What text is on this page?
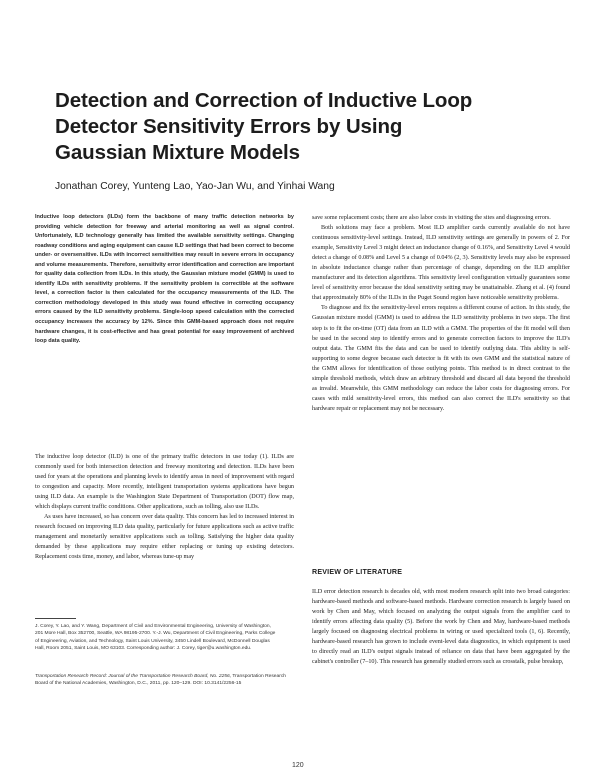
Detection and Correction of Inductive Loop Detector Sensitivity Errors by Using Gaussian Mixture Models

Jonathan Corey, Yunteng Lao, Yao-Jan Wu, and Yinhai Wang

Inductive loop detectors (ILDs) form the backbone of many traffic detection networks by providing vehicle detection for freeway and arterial monitoring as well as signal control. Unfortunately, ILD technology generally has limited the available sensitivity settings. Changing roadway conditions and aging equipment can cause ILD settings that had been correct to become under- or oversensitive. ILDs with incorrect sensitivities may result in severe errors in occupancy and volume measurements. Therefore, sensitivity error identification and correction are important for quality data collection from ILDs. In this study, the Gaussian mixture model (GMM) is used to identify ILDs with sensitivity problems. If the sensitivity problem is correctible at the software level, a correction factor is then calculated for the occupancy measurements of the ILD. The correction methodology developed in this study was found effective in correcting occupancy errors caused by the ILD sensitivity problems. Single-loop speed calculation with the corrected occupancy increases the accuracy by 12%. Since this GMM-based approach does not require hardware changes, it is cost-effective and has great potential for easy improvement of archived loop data quality.

The inductive loop detector (ILD) is one of the primary traffic detectors in use today (1). ILDs are commonly used for both intersection detection and freeway monitoring and detection. ILDs have been used for years at the operations and planning levels to identify areas in need of improvement with regard to congestion and capacity. More recently, intelligent transportation systems applications have begun using ILD data. An example is the Washington State Department of Transportation (DOT) flow map, which displays current traffic conditions. Other applications, such as tolling, also use ILDs.

As uses have increased, so has concern over data quality. This concern has led to increased interest in research focused on improving ILD data quality, particularly for future applications such as active traffic management and monetarily sensitive applications such as tolling. Satisfying the higher data quality demanded by these applications may require either replacing or tuning up existing detectors. Replacement costs time, money, and labor, whereas tune-up may

J. Corey, Y. Lao, and Y. Wang, Department of Civil and Environmental Engineering, University of Washington, 201 More Hall, Box 352700, Seattle, WA 98195-2700. Y.-J. Wu, Department of Civil Engineering, Parks College of Engineering, Aviation, and Technology, Saint Louis University, 3450 Lindell Boulevard, McDonnell Douglas Hall, Room 2051, Saint Louis, MO 63103. Corresponding author: J. Corey, tiger@u.washington.edu.

Transportation Research Record: Journal of the Transportation Research Board, No. 2256, Transportation Research Board of the National Academies, Washington, D.C., 2011, pp. 120–129. DOI: 10.3141/2256-15

save some replacement costs; there are also labor costs in visiting the sites and diagnosing errors.

Both solutions may face a problem. Most ILD amplifier cards currently available do not have continuous sensitivity-level settings. Instead, ILD sensitivity settings are generally in powers of 2. For example, Sensitivity Level 3 might detect an inductance change of 0.16%, and Sensitivity Level 4 would detect a change of 0.08% and Level 5 a change of 0.04% (2, 3). Sensitivity levels may also be expressed in absolute inductance change rather than percentage of change, depending on the ILD amplifier manufacturer and its detection algorithms. This sensitivity level configuration virtually guarantees some level of sensitivity error because the ideal sensitivity setting may be unattainable. Zhang et al. (4) found that approximately 80% of the ILDs in the Puget Sound region have noticeable sensitivity problems.

To diagnose and fix the sensitivity-level errors requires a different course of action. In this study, the Gaussian mixture model (GMM) is used to address the ILD sensitivity problems in two steps. The first step is to fit the on-time (OT) data from an ILD with a GMM. The properties of the fit model will then be used in the second step to identify errors and to generate correction factors to improve the ILD's output data. The GMM fits the data and can be used to identify outlying data. This ability is self-supporting to some degree because each detector is fit with its own GMM and the statistical nature of the GMM allows for identification of those outlying points. This method is in direct contrast to the simple threshold methods, which draw an arbitrary threshold and discard all data beyond the threshold as invalid. Meanwhile, this GMM methodology can reduce the labor costs for diagnosing errors. For cases with mild sensitivity-level errors, this method can also correct the ILD's sensitivity so that hardware repair or replacement may not be necessary.

REVIEW OF LITERATURE

ILD error detection research is decades old, with most modern research split into two broad categories: hardware-based methods and software-based methods. Hardware correction research is largely based on work by Chen and May, which focused on analyzing the output signals from the amplifier card to identify errors affecting data quality (5). Before the work by Chen and May, hardware-based methods largely focused on diagnosing electrical problems in wiring or used specialized tools (1, 6). Recently, hardware-based research has grown to include event-level data diagnostics, in which equipment is used to directly read an ILD's output signals instead of reliance on data that have been aggregated by the cabinet's controller (7–10). This research has generally studied errors such as crosstalk, pulse breakup,

120
